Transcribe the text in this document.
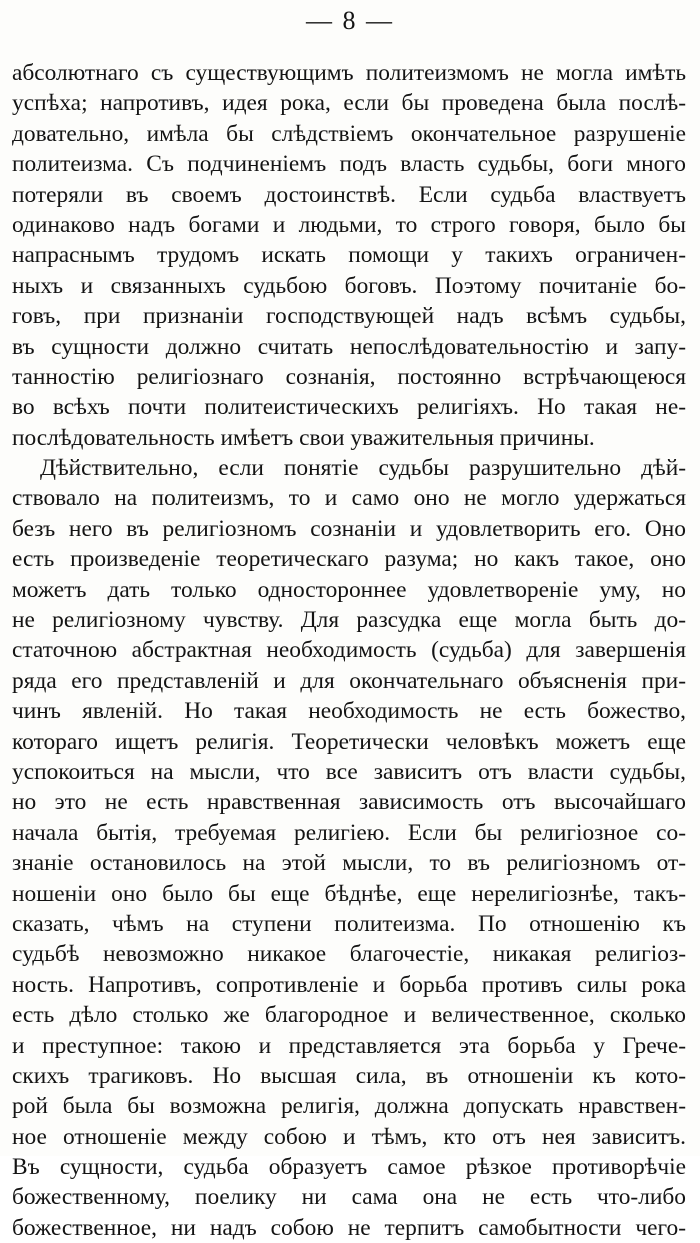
— 8 —
абсолютнаго съ существующимъ политеизмомъ не могла имѣть
успѣха; напротивъ, идея рока, если бы проведена была послѣ-
довательно, имѣла бы слѣдствіемъ окончательное разрушеніе
политеизма. Съ подчиненіемъ подъ власть судьбы, боги много
потеряли въ своемъ достоинствѣ. Если судьба властвуетъ
одинаково надъ богами и людьми, то строго говоря, было бы
напраснымъ трудомъ искать помощи у такихъ ограничен-
ныхъ и связанныхъ судьбою боговъ. Поэтому почитаніе бо-
говъ, при признаніи господствующей надъ всѣмъ судьбы,
въ сущности должно считать непослѣдовательностію и запу-
танностію религіознаго сознанія, постоянно встрѣчающеюся
во всѣхъ почти политеистическихъ религіяхъ. Но такая не-
послѣдовательность имѣетъ свои уважительныя причины.
Дѣйствительно, если понятіе судьбы разрушительно дѣй-
ствовало на политеизмъ, то и само оно не могло удержаться
безъ него въ религіозномъ сознаніи и удовлетворить его. Оно
есть произведеніе теоретическаго разума; но какъ такое, оно
можетъ дать только одностороннее удовлетвореніе уму, но
не религіозному чувству. Для разсудка еще могла быть до-
статочною абстрактная необходимость (судьба) для завершенія
ряда его представленій и для окончательнаго объясненія при-
чинъ явленій. Но такая необходимость не есть божество,
котораго ищетъ религія. Теоретически человѣкъ можетъ еще
успокоиться на мысли, что все зависитъ отъ власти судьбы,
но это не есть нравственная зависимость отъ высочайшаго
начала бытія, требуемая религіею. Если бы религіозное со-
знаніе остановилось на этой мысли, то въ религіозномъ от-
ношеніи оно было бы еще бѣднѣе, еще нерелигіознѣе, такъ-
сказать, чѣмъ на ступени политеизма. По отношенію къ
судьбѣ невозможно никакое благочестіе, никакая религіоз-
ность. Напротивъ, сопротивленіе и борьба противъ силы рока
есть дѣло столько же благородное и величественное, сколько
и преступное: такою и представляется эта борьба у Грече-
скихъ трагиковъ. Но высшая сила, въ отношеніи къ кото-
рой была бы возможна религія, должна допускать нравствен-
ное отношеніе между собою и тѣмъ, кто отъ нея зависитъ.
Въ сущности, судьба образуетъ самое рѣзкое противорѣчіе
божественному, поелику ни сама она не есть что-либо
божественное, ни надъ собою не терпитъ самобытности чего-
